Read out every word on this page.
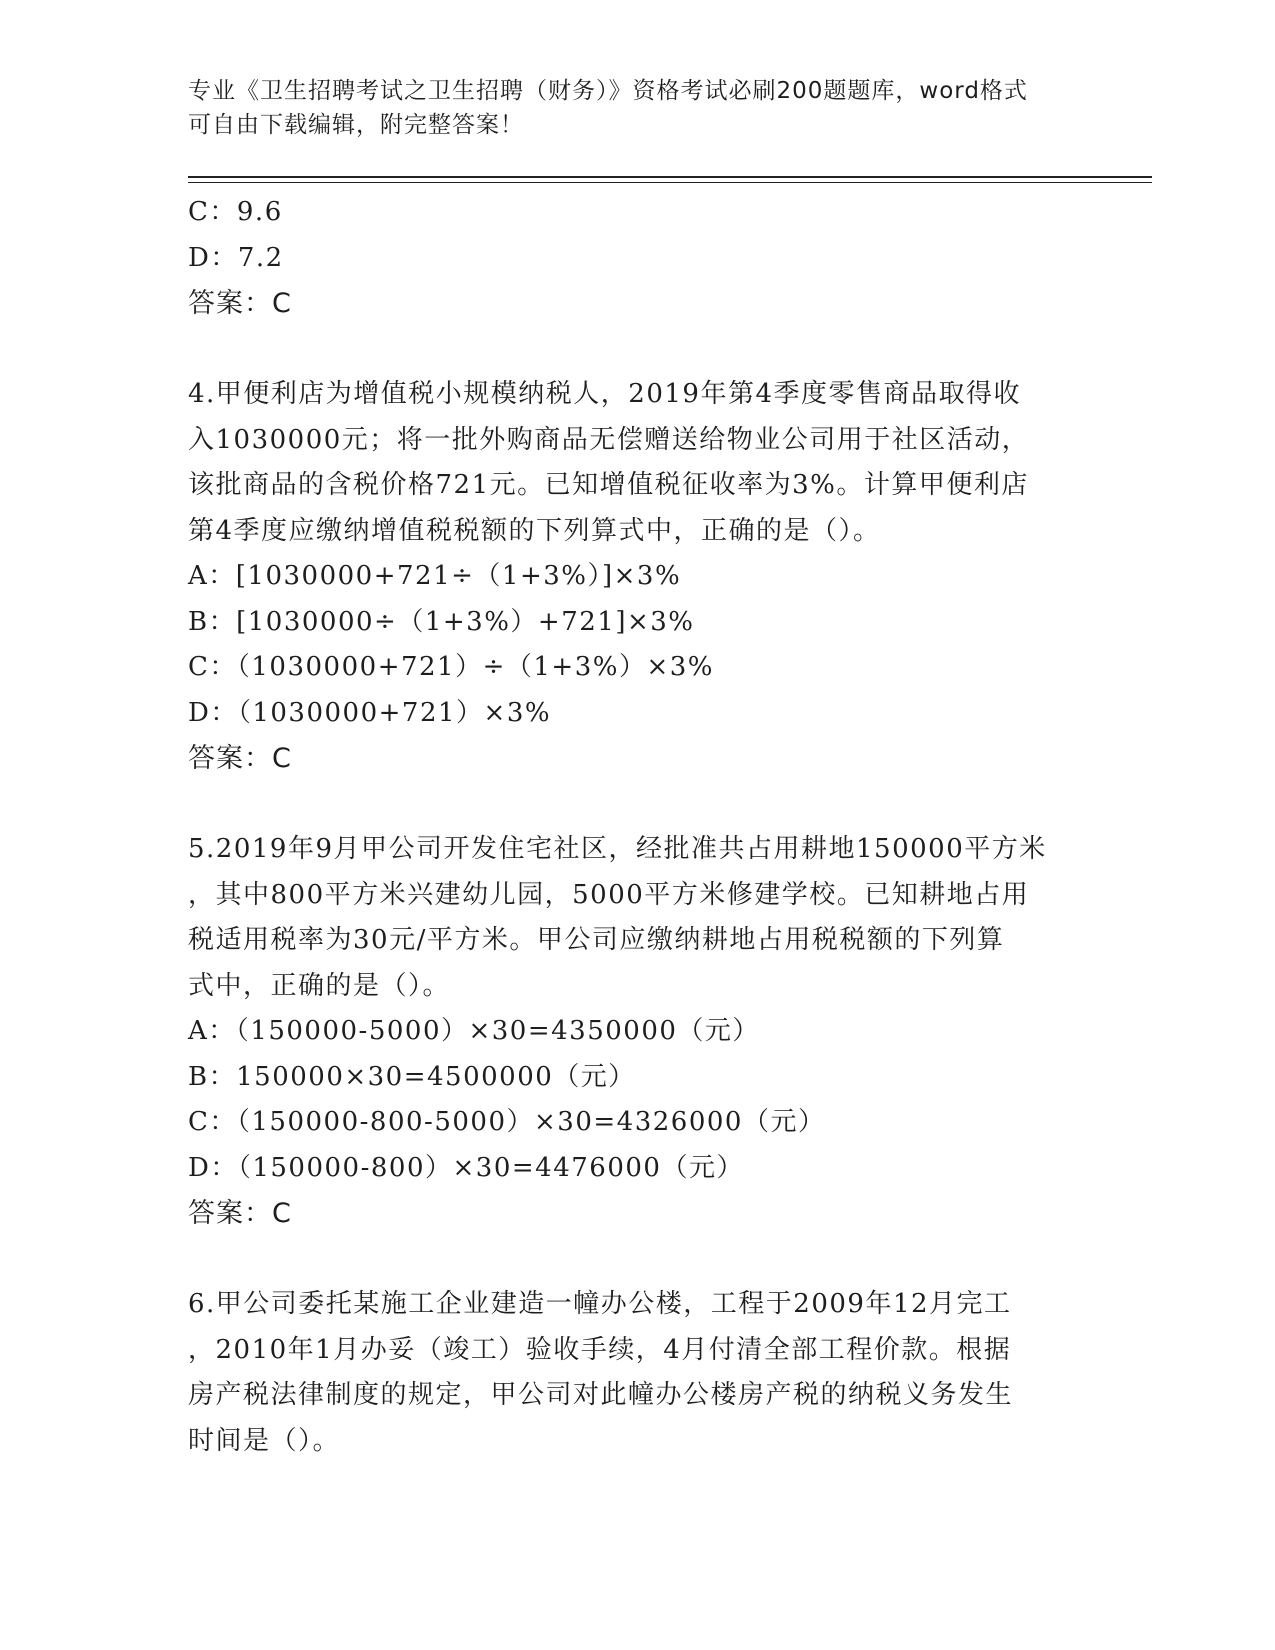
专业《卫生招聘考试之卫生招聘（财务）》资格考试必刷200题题库，word格式
可自由下载编辑，附完整答案！
C：9.6
D：7.2
答案：C
4.甲便利店为增值税小规模纳税人，2019年第4季度零售商品取得收
入1030000元；将一批外购商品无偿赠送给物业公司用于社区活动，
该批商品的含税价格721元。已知增值税征收率为3%。计算甲便利店
第4季度应缴纳增值税税额的下列算式中，正确的是（）。
A：[1030000+721÷（1+3%）]×3%
B：[1030000÷（1+3%）+721]×3%
C：（1030000+721）÷（1+3%）×3%
D：（1030000+721）×3%
答案：C
5.2019年9月甲公司开发住宅社区，经批准共占用耕地150000平方米
，其中800平方米兴建幼儿园，5000平方米修建学校。已知耕地占用
税适用税率为30元/平方米。甲公司应缴纳耕地占用税税额的下列算
式中，正确的是（）。
A：（150000-5000）×30=4350000（元）
B：150000×30=4500000（元）
C：（150000-800-5000）×30=4326000（元）
D：（150000-800）×30=4476000（元）
答案：C
6.甲公司委托某施工企业建造一幢办公楼，工程于2009年12月完工
，2010年1月办妥（竣工）验收手续，4月付清全部工程价款。根据
房产税法律制度的规定，甲公司对此幢办公楼房产税的纳税义务发生
时间是（）。
